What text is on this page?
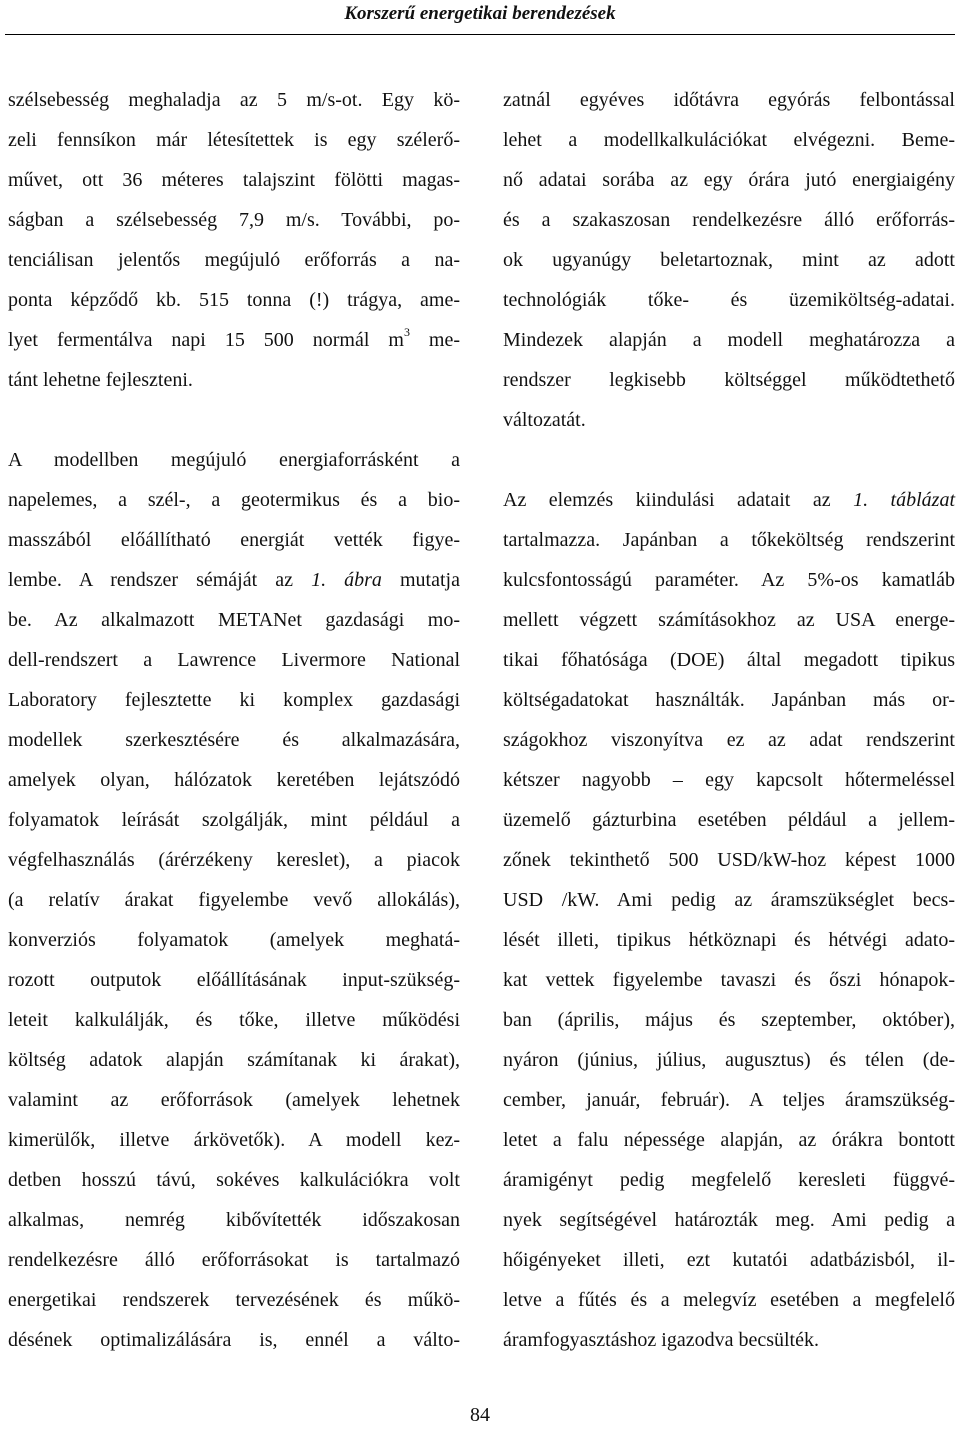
Korszerű energetikai berendezések

szélsebesség meghaladja az 5 m/s-ot. Egy kö-
zeli fennsíkon már létesítettek is egy szélerő-
művet, ott 36 méteres talajszint fölötti magas-
ságban a szélsebesség 7,9 m/s. További, po-
tenciálisan jelentős megújuló erőforrás a na-
ponta képződő kb. 515 tonna (!) trágya, ame-
lyet fermentálva napi 15 500 normál $m^3$ me-
tánt lehetne fejleszteni.

A modellben megújuló energiaforrásként a
napelemes, a szél-, a geotermikus és a bio-
masszából előállítható energiát vették figye-
lembe. A rendszer sémáját az 1. ábra mutatja
be. Az alkalmazott METANet gazdasági mo-
dell-rendszert a Lawrence Livermore National
Laboratory fejlesztette ki komplex gazdasági
modellek szerkesztésére és alkalmazására,
amelyek olyan, hálózatok keretében lejátszódó
folyamatok leírását szolgálják, mint például a
végfelhasználás (árérzékeny kereslet), a piacok
(a relatív árakat figyelembe vevő allokálás),
konverziós folyamatok (amelyek meghatá-
rozott outputok előállításának input-szükség-
leteit kalkulálják, és tőke, illetve működési
költség adatok alapján számítanak ki árakat),
valamint az erőforrások (amelyek lehetnek
kimerülők, illetve árkövetők). A modell kez-
detben hosszú távú, sokéves kalkulációkra volt
alkalmas, nemrég kibővítették időszakosan
rendelkezésre álló erőforrásokat is tartalmazó
energetikai rendszerek tervezésének és műkö-
désének optimalizálására is, ennél a válto-

zatnál egyéves időtávra egyórás felbontással
lehet a modellkalkulációkat elvégezni. Beme-
nő adatai sorába az egy órára jutó energiaigény
és a szakaszosan rendelkezésre álló erőforrás-
ok ugyanúgy beletartoznak, mint az adott
technológiák tőke- és üzemiköltség-adatai.
Mindezek alapján a modell meghatározza a
rendszer legkisebb költséggel működtethető
változatát.

Az elemzés kiindulási adatait az 1. táblázat
tartalmazza. Japánban a tőkeköltség rendszerint
kulcsfontosságú paraméter. Az 5%-os kamatláb
mellett végzett számításokhoz az USA energe-
tikai főhatósága (DOE) által megadott tipikus
költségadatokat használták. Japánban más or-
szágokhoz viszonyítva ez az adat rendszerint
kétszer nagyobb – egy kapcsolt hőtermeléssel
üzemelő gázturbina esetében például a jellem-
zőnek tekinthető 500 USD/kW-hoz képest 1000
USD /kW. Ami pedig az áramszükséglet becs-
lését illeti, tipikus hétköznapi és hétvégi adato-
kat vettek figyelembe tavaszi és őszi hónapok-
ban (április, május és szeptember, október),
nyáron (június, július, augusztus) és télen (de-
cember, január, február). A teljes áramszükség-
letet a falu népessége alapján, az órákra bontott
áramigényt pedig megfelelő keresleti függvé-
nyek segítségével határozták meg. Ami pedig a
hőigényeket illeti, ezt kutatói adatbázisból, il-
letve a fűtés és a melegvíz esetében a megfelelő
áramfogyasztáshoz igazodva becsülték.

84
